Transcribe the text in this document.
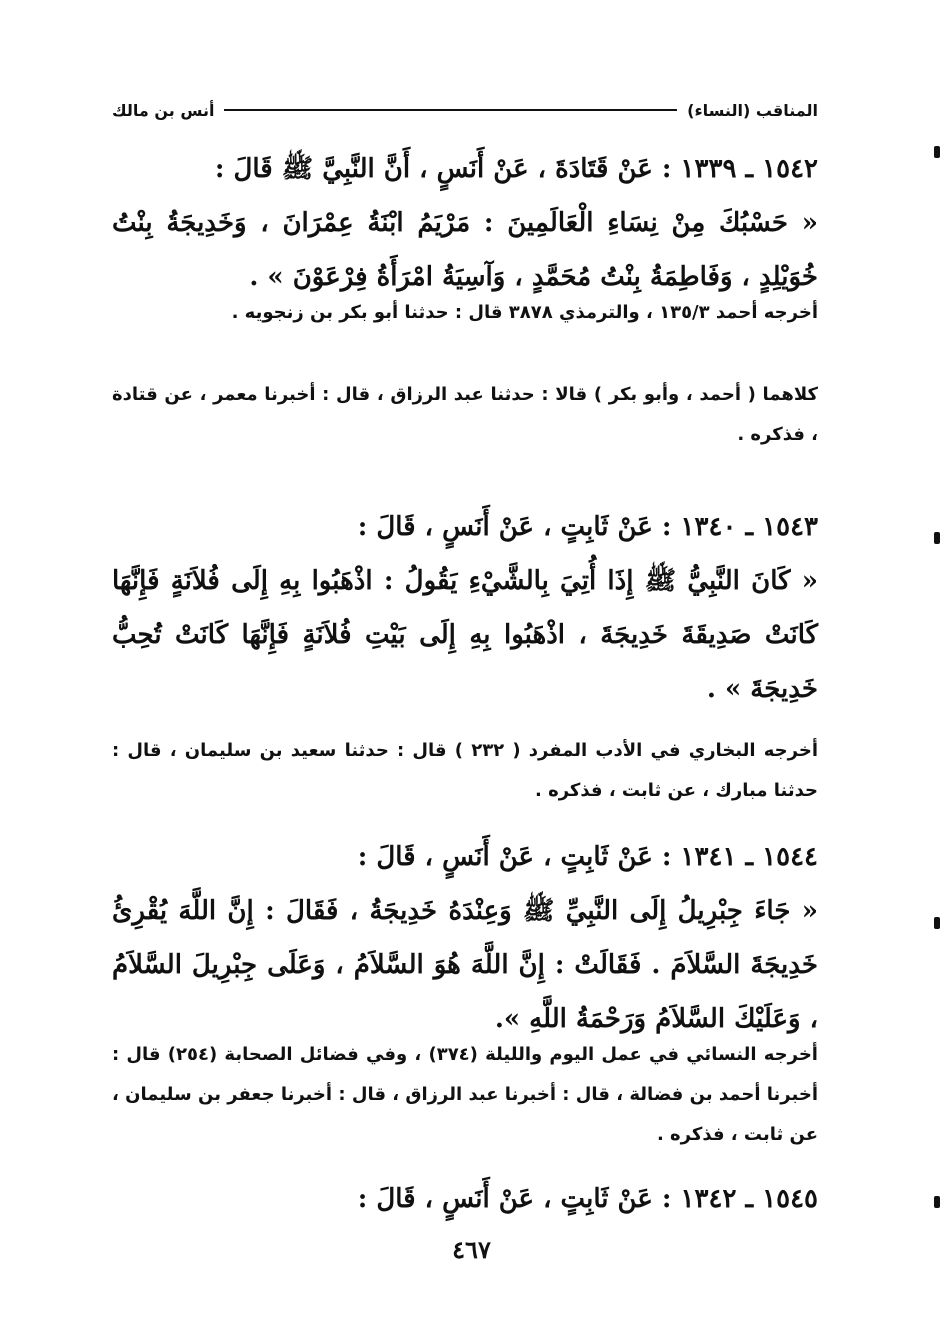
المناقب (النساء)
أنس بن مالك

١٥٤٢ ـ ١٣٣٩ : عَنْ قَتَادَةَ ، عَنْ أَنَسٍ ، أَنَّ النَّبِيَّ ﷺ قَالَ :
« حَسْبُكَ مِنْ نِسَاءِ الْعَالَمِينَ : مَرْيَمُ ابْنَةُ عِمْرَانَ ، وَخَدِيجَةُ بِنْتُ خُوَيْلِدٍ ، وَفَاطِمَةُ بِنْتُ مُحَمَّدٍ ، وَآسِيَةُ امْرَأَةُ فِرْعَوْنَ » .

أخرجه أحمد ١٣٥/٣ ، والترمذي ٣٨٧٨ قال : حدثنا أبو بكر بن زنجويه .

كلاهما ( أحمد ، وأبو بكر ) قالا : حدثنا عبد الرزاق ، قال : أخبرنا معمر ، عن قتادة ، فذكره .

١٥٤٣ ـ ١٣٤٠ : عَنْ ثَابِتٍ ، عَنْ أَنَسٍ ، قَالَ :
« كَانَ النَّبِيُّ ﷺ إِذَا أُتِيَ بِالشَّيْءِ يَقُولُ : اذْهَبُوا بِهِ إِلَى فُلاَنَةٍ فَإِنَّهَا كَانَتْ صَدِيقَةَ خَدِيجَةَ ، اذْهَبُوا بِهِ إِلَى بَيْتِ فُلاَنَةٍ فَإِنَّهَا كَانَتْ تُحِبُّ خَدِيجَةَ » .

أخرجه البخاري في الأدب المفرد ( ٢٣٢ ) قال : حدثنا سعيد بن سليمان ، قال : حدثنا مبارك ، عن ثابت ، فذكره .

١٥٤٤ ـ ١٣٤١ : عَنْ ثَابِتٍ ، عَنْ أَنَسٍ ، قَالَ :
« جَاءَ جِبْرِيلُ إِلَى النَّبِيِّ ﷺ وَعِنْدَهُ خَدِيجَةُ ، فَقَالَ : إِنَّ اللَّهَ يُقْرِئُ خَدِيجَةَ السَّلاَمَ . فَقَالَتْ : إِنَّ اللَّهَ هُوَ السَّلاَمُ ، وَعَلَى جِبْرِيلَ السَّلاَمُ ، وَعَلَيْكَ السَّلاَمُ وَرَحْمَةُ اللَّهِ ».

أخرجه النسائي في عمل اليوم والليلة (٣٧٤) ، وفي فضائل الصحابة (٢٥٤) قال : أخبرنا أحمد بن فضالة ، قال : أخبرنا عبد الرزاق ، قال : أخبرنا جعفر بن سليمان ، عن ثابت ، فذكره .

١٥٤٥ ـ ١٣٤٢ : عَنْ ثَابِتٍ ، عَنْ أَنَسٍ ، قَالَ :

٤٦٧
